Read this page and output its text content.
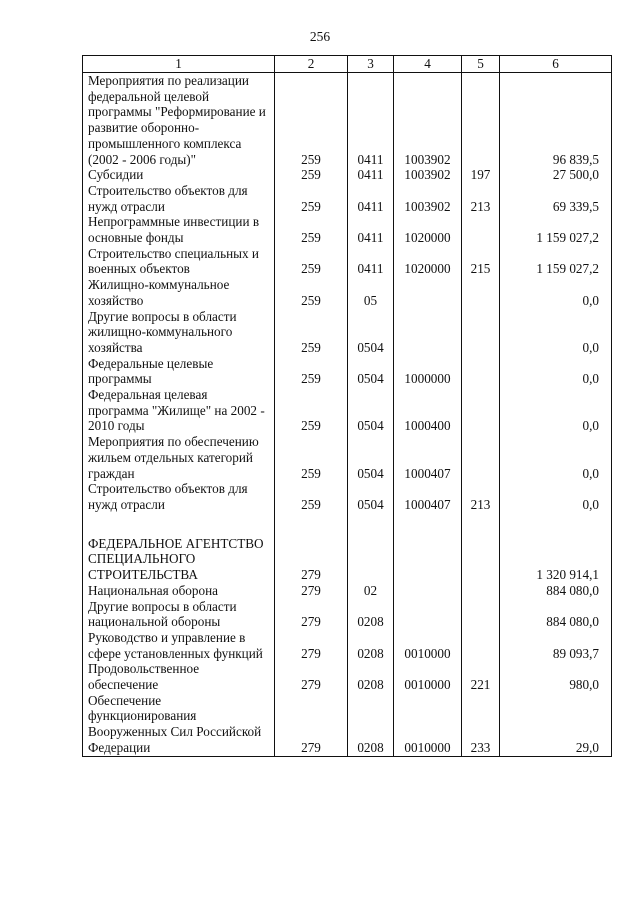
256
1	2	3	4	5	6
Мероприятия по реализации федеральной целевой программы "Реформирование и развитие оборонно-промышленного комплекса (2002 - 2006 годы)"	259	0411	1003902		96 839,5
Субсидии	259	0411	1003902	197	27 500,0
Строительство объектов для нужд отрасли	259	0411	1003902	213	69 339,5
Непрограммные инвестиции в основные фонды	259	0411	1020000		1 159 027,2
Строительство специальных и военных объектов	259	0411	1020000	215	1 159 027,2
Жилищно-коммунальное хозяйство	259	05			0,0
Другие вопросы в области жилищно-коммунального хозяйства	259	0504			0,0
Федеральные целевые программы	259	0504	1000000		0,0
Федеральная целевая программа "Жилище" на 2002 - 2010 годы	259	0504	1000400		0,0
Мероприятия по обеспечению жильем отдельных категорий граждан	259	0504	1000407		0,0
Строительство объектов для нужд отрасли	259	0504	1000407	213	0,0

ФЕДЕРАЛЬНОЕ АГЕНТСТВО СПЕЦИАЛЬНОГО СТРОИТЕЛЬСТВА	279				1 320 914,1
Национальная оборона	279	02			884 080,0
Другие вопросы в области национальной обороны	279	0208			884 080,0
Руководство и управление в сфере установленных функций	279	0208	0010000		89 093,7
Продовольственное обеспечение	279	0208	0010000	221	980,0
Обеспечение функционирования Вооруженных Сил Российской Федерации	279	0208	0010000	233	29,0
